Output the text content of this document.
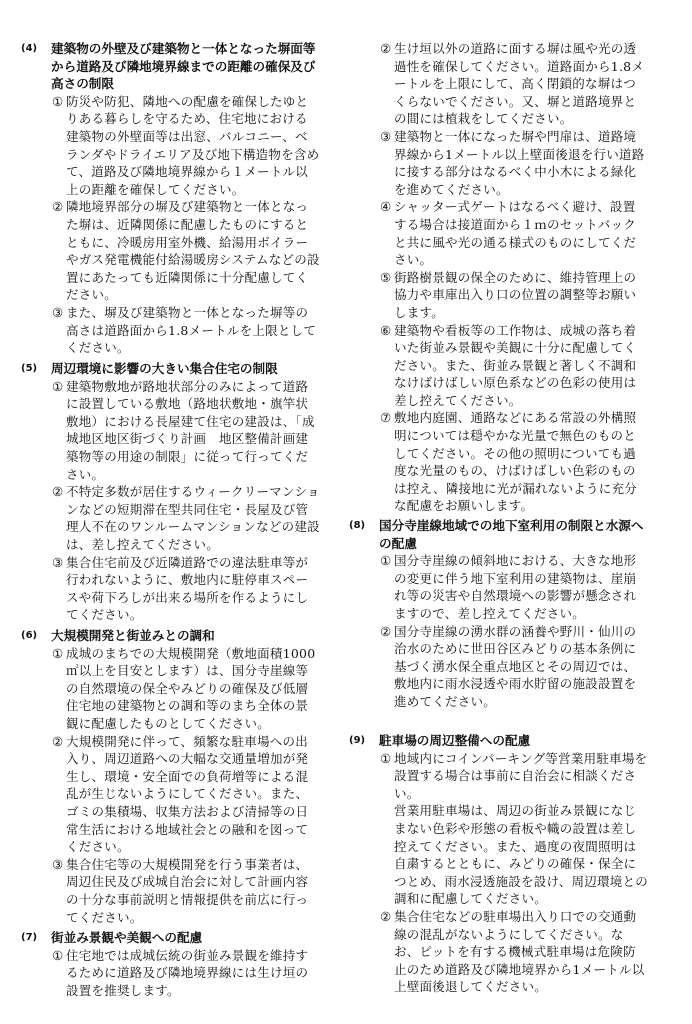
(4) 建築物の外壁及び建築物と一体となった塀面等から道路及び隣地境界線までの距離の確保及び高さの制限
① 防災や防犯、隣地への配慮を確保したゆとりある暮らしを守るため、住宅地における建築物の外壁面等は出窓、バルコニー、ベランダやドライエリア及び地下構造物を含めて、道路及び隣地境界線から１メートル以上の距離を確保してください。
② 隣地境界部分の塀及び建築物と一体となった塀は、近隣関係に配慮したものにするとともに、冷暖房用室外機、給湯用ボイラーやガス発電機能付給湯暖房システムなどの設置にあたっても近隣関係に十分配慮してください。
③ また、塀及び建築物と一体となった塀等の高さは道路面から1.8メートルを上限としてください。
(5) 周辺環境に影響の大きい集合住宅の制限
① 建築物敷地が路地状部分のみによって道路に設置している敷地（路地状敷地・旗竿状敷地）における長屋建て住宅の建設は、「成城地区地区街づくり計画　地区整備計画建築物等の用途の制限」に従って行ってください。
② 不特定多数が居住するウィークリーマンションなどの短期滞在型共同住宅・長屋及び管理人不在のワンルームマンションなどの建設は、差し控えてください。
③ 集合住宅前及び近隣道路での違法駐車等が行われないように、敷地内に駐停車スペースや荷下ろしが出来る場所を作るようにしてください。
(6) 大規模開発と街並みとの調和
① 成城のまちでの大規模開発（敷地面積1000㎡以上を目安とします）は、国分寺崖線等の自然環境の保全やみどりの確保及び低層住宅地の建築物との調和等のまち全体の景観に配慮したものとしてください。
② 大規模開発に伴って、頻繁な駐車場への出入り、周辺道路への大幅な交通量増加が発生し、環境・安全面での負荷増等による混乱が生じないようにしてください。また、ゴミの集積場、収集方法および清掃等の日常生活における地域社会との融和を図ってください。
③ 集合住宅等の大規模開発を行う事業者は、周辺住民及び成城自治会に対して計画内容の十分な事前説明と情報提供を前広に行ってください。
(7) 街並み景観や美観への配慮
① 住宅地では成城伝統の街並み景観を維持するために道路及び隣地境界線には生け垣の設置を推奨します。
② 生け垣以外の道路に面する塀は風や光の透過性を確保してください。道路面から1.8メートルを上限にして、高く閉鎖的な塀はつくらないでください。又、塀と道路境界との間には植栽をしてください。
③ 建築物と一体になった塀や門扉は、道路境界線から1メートル以上壁面後退を行い道路に接する部分はなるべく中小木による緑化を進めてください。
④ シャッター式ゲートはなるべく避け、設置する場合は接道面から１ｍのセットバックと共に風や光の通る様式のものにしてください。
⑤ 街路樹景観の保全のために、維持管理上の協力や車庫出入り口の位置の調整等お願いします。
⑥ 建築物や看板等の工作物は、成城の落ち着いた街並み景観や美観に十分に配慮してください。また、街並み景観と著しく不調和なけばけばしい原色系などの色彩の使用は差し控えてください。
⑦ 敷地内庭園、通路などにある常設の外構照明については穏やかな光量で無色のものとしてください。その他の照明についても過度な光量のもの、けばけばしい色彩のものは控え、隣接地に光が漏れないように充分な配慮をお願いします。
(8) 国分寺崖線地域での地下室利用の制限と水源への配慮
① 国分寺崖線の傾斜地における、大きな地形の変更に伴う地下室利用の建築物は、崖崩れ等の災害や自然環境への影響が懸念されますので、差し控えてください。
② 国分寺崖線の湧水群の涵養や野川・仙川の治水のために世田谷区みどりの基本条例に基づく湧水保全重点地区とその周辺では、敷地内に雨水浸透や雨水貯留の施設設置を進めてください。
(9) 駐車場の周辺整備への配慮
① 地域内にコインパーキング等営業用駐車場を設置する場合は事前に自治会に相談ください。
営業用駐車場は、周辺の街並み景観になじまない色彩や形態の看板や幟の設置は差し控えてください。また、過度の夜間照明は自粛するとともに、みどりの確保・保全につとめ、雨水浸透施設を設け、周辺環境との調和に配慮してください。
② 集合住宅などの駐車場出入り口での交通動線の混乱がないようにしてください。なお、ピットを有する機械式駐車場は危険防止のため道路及び隣地境界から1メートル以上壁面後退してください。
